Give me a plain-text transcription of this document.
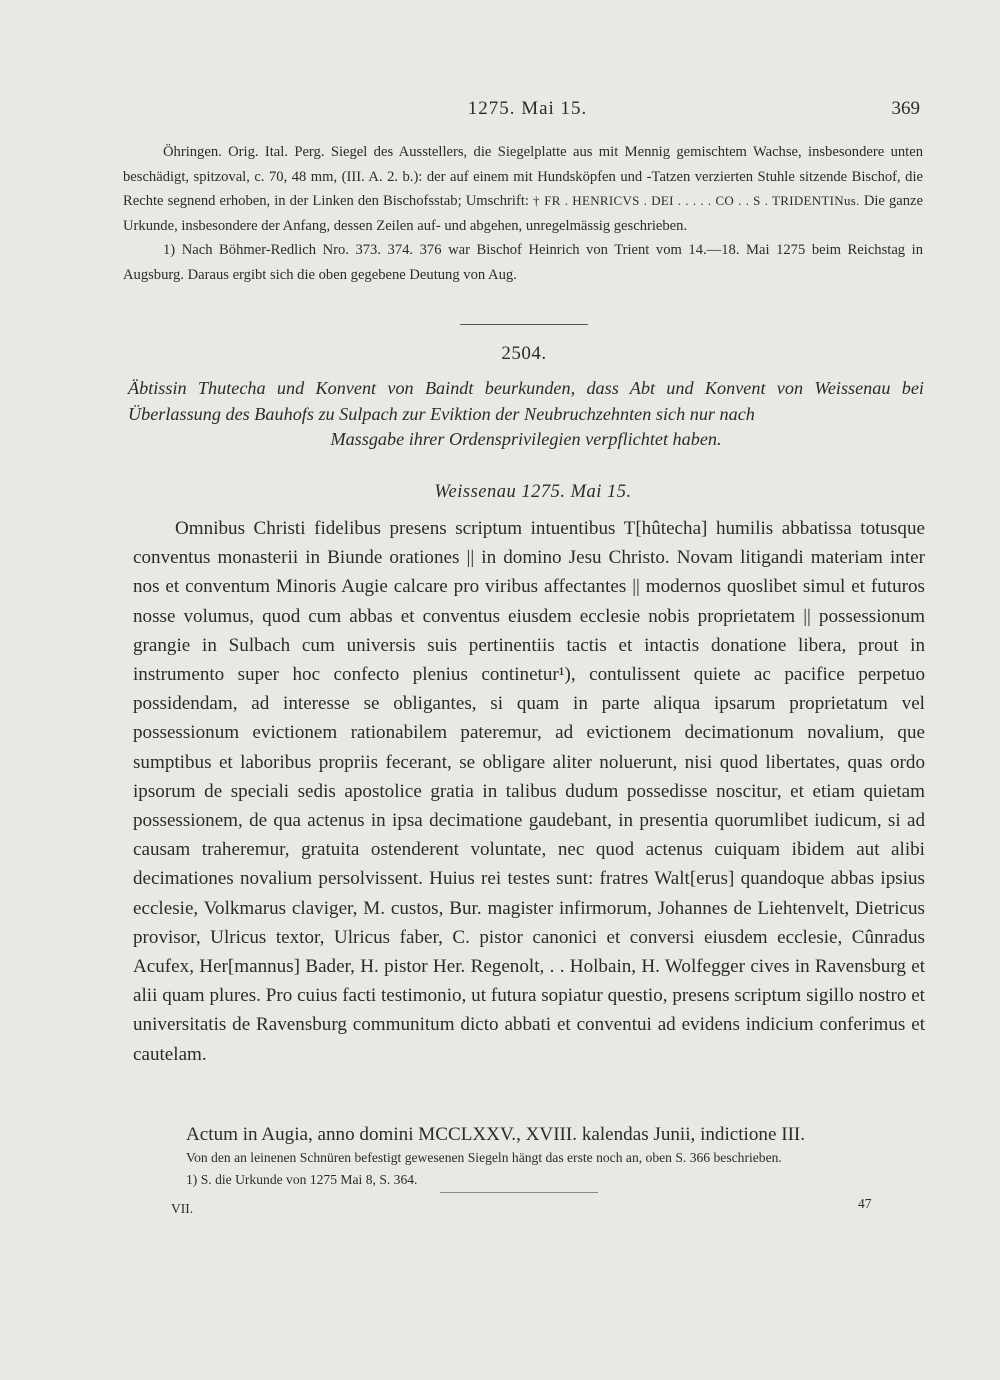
1275. Mai 15.	369

Öhringen. Orig. Ital. Perg. Siegel des Ausstellers, die Siegelplatte aus mit Mennig gemischtem Wachse, insbesondere unten beschädigt, spitzoval, c. 70, 48 mm, (III. A. 2. b.): der auf einem mit Hundsköpfen und -Tatzen verzierten Stuhle sitzende Bischof, die Rechte segnend erhoben, in der Linken den Bischofsstab; Umschrift: † FR . HENRICVS . DEI . . . . . CO . . S . TRIDENTINus. Die ganze Urkunde, insbesondere der Anfang, dessen Zeilen auf- und abgehen, unregelmässig geschrieben.

1) Nach Böhmer-Redlich Nro. 373. 374. 376 war Bischof Heinrich von Trient vom 14.—18. Mai 1275 beim Reichstag in Augsburg. Daraus ergibt sich die oben gegebene Deutung von Aug.

2504.
Äbtissin Thutecha und Konvent von Baindt beurkunden, dass Abt und Konvent von Weissenau bei Überlassung des Bauhofs zu Sulpach zur Eviktion der Neubruchzehnten sich nur nach
Massgabe ihrer Ordensprivilegien verpflichtet haben.
Weissenau 1275. Mai 15.

Omnibus Christi fidelibus presens scriptum intuentibus T[hûtecha] humilis abbatissa totusque conventus monasterii in Biunde orationes || in domino Jesu Christo. Novam litigandi materiam inter nos et conventum Minoris Augie calcare pro viribus affectantes || modernos quoslibet simul et futuros nosse volumus, quod cum abbas et conventus eiusdem ecclesie nobis proprietatem || possessionum grangie in Sulbach cum universis suis pertinentiis tactis et intactis donatione libera, prout in instrumento super hoc confecto plenius continetur¹), contulissent quiete ac pacifice perpetuo possidendam, ad interesse se obligantes, si quam in parte aliqua ipsarum proprietatum vel possessionum evictionem rationabilem pateremur, ad evictionem decimationum novalium, que sumptibus et laboribus propriis fecerant, se obligare aliter noluerunt, nisi quod libertates, quas ordo ipsorum de speciali sedis apostolice gratia in talibus dudum possedisse noscitur, et etiam quietam possessionem, de qua actenus in ipsa decimatione gaudebant, in presentia quorumlibet iudicum, si ad causam traheremur, gratuita ostenderent voluntate, nec quod actenus cuiquam ibidem aut alibi decimationes novalium persolvissent. Huius rei testes sunt: fratres Walt[erus] quandoque abbas ipsius ecclesie, Volkmarus claviger, M. custos, Bur. magister infirmorum, Johannes de Liehtenvelt, Dietricus provisor, Ulricus textor, Ulricus faber, C. pistor canonici et conversi eiusdem ecclesie, Cûnradus Acufex, Her[mannus] Bader, H. pistor Her. Regenolt, . . Holbain, H. Wolfegger cives in Ravensburg et alii quam plures. Pro cuius facti testimonio, ut futura sopiatur questio, presens scriptum sigillo nostro et universitatis de Ravensburg communitum dicto abbati et conventui ad evidens indicium conferimus et cautelam.

Actum in Augia, anno domini MCCLXXV., XVIII. kalendas Junii, indictione III.
Von den an leinenen Schnüren befestigt gewesenen Siegeln hängt das erste noch an, oben S. 366 beschrieben.
1) S. die Urkunde von 1275 Mai 8, S. 364.
VII.	47
